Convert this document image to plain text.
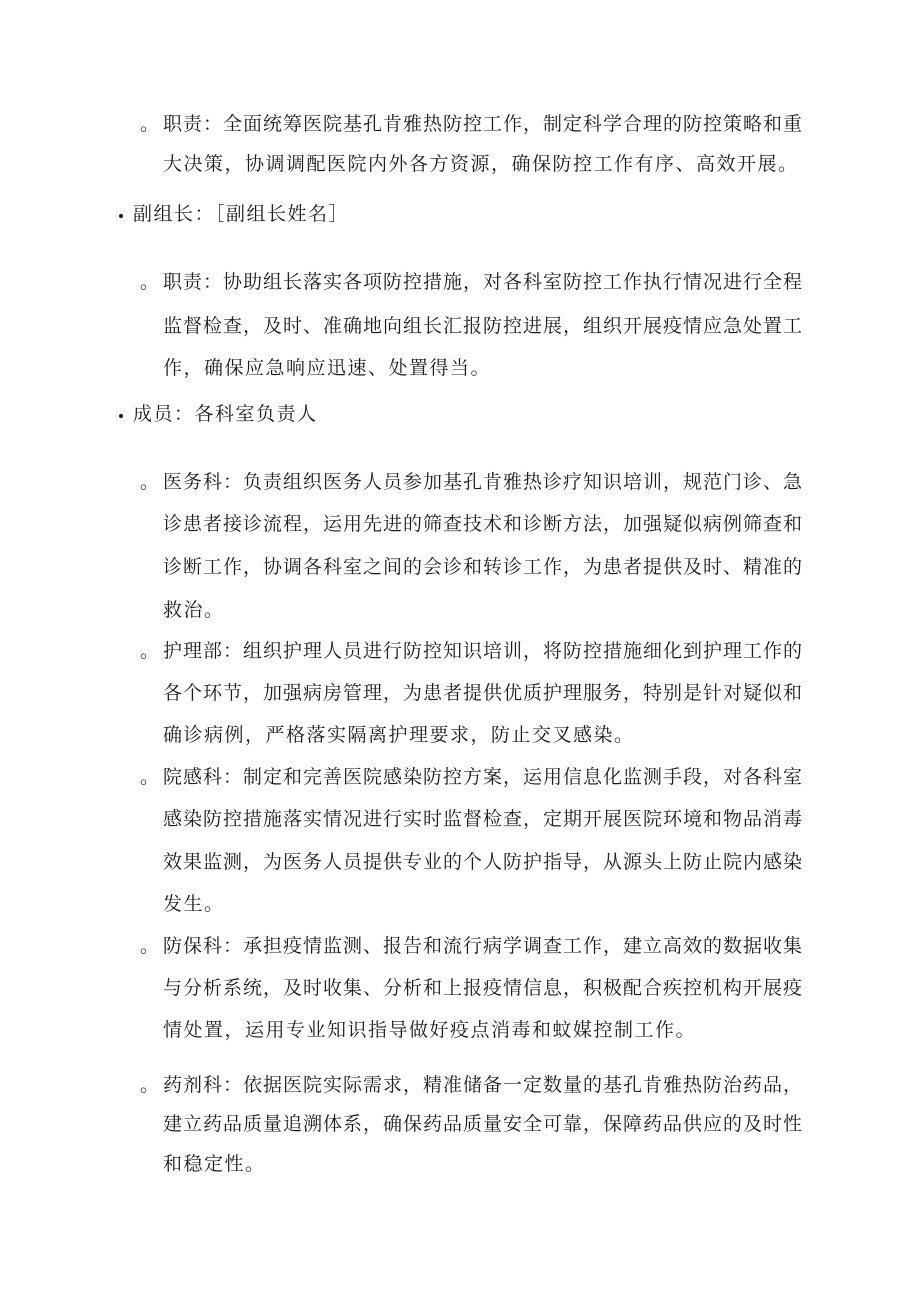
。 职责：全面统筹医院基孔肯雅热防控工作，制定科学合理的防控策略和重
大决策，协调调配医院内外各方资源，确保防控工作有序、高效开展。
副组长：［副组长姓名］
。 职责：协助组长落实各项防控措施，对各科室防控工作执行情况进行全程
监督检查，及时、准确地向组长汇报防控进展，组织开展疫情应急处置工
作，确保应急响应迅速、处置得当。
成员：各科室负责人
。 医务科：负责组织医务人员参加基孔肯雅热诊疗知识培训，规范门诊、急
诊患者接诊流程，运用先进的筛查技术和诊断方法，加强疑似病例筛查和
诊断工作，协调各科室之间的会诊和转诊工作，为患者提供及时、精准的
救治。
。 护理部：组织护理人员进行防控知识培训，将防控措施细化到护理工作的
各个环节，加强病房管理，为患者提供优质护理服务，特别是针对疑似和
确诊病例，严格落实隔离护理要求，防止交叉感染。
。 院感科：制定和完善医院感染防控方案，运用信息化监测手段，对各科室
感染防控措施落实情况进行实时监督检查，定期开展医院环境和物品消毒
效果监测，为医务人员提供专业的个人防护指导，从源头上防止院内感染
发生。
。 防保科：承担疫情监测、报告和流行病学调查工作，建立高效的数据收集
与分析系统，及时收集、分析和上报疫情信息，积极配合疾控机构开展疫
情处置，运用专业知识指导做好疫点消毒和蚊媒控制工作。
。 药剂科：依据医院实际需求，精准储备一定数量的基孔肯雅热防治药品，
建立药品质量追溯体系，确保药品质量安全可靠，保障药品供应的及时性
和稳定性。
